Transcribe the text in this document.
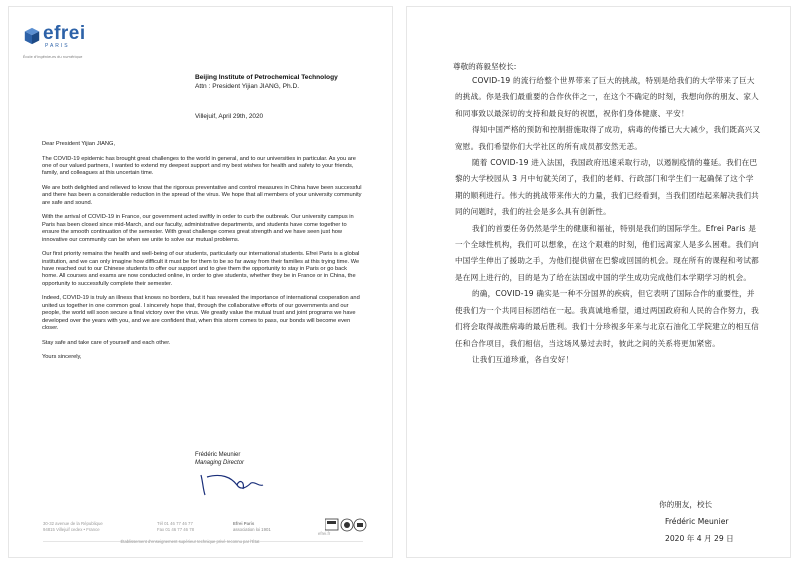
efrei
PARIS
École d'ingénieurs du numérique
Beijing Institute of Petrochemical Technology
Attn : President Yijian JIANG, Ph.D.
Villejuif, April 29th, 2020

Dear President Yijian JIANG,

The COVID-19 epidemic has brought great challenges to the world in general, and to our universities in particular. As you are one of our valued partners, I wanted to extend my deepest support and my best wishes for health and safety to your friends, family, and colleagues at this uncertain time.

We are both delighted and relieved to know that the rigorous preventative and control measures in China have been successful and there has been a considerable reduction in the spread of the virus. We hope that all members of your university community are safe and sound.

With the arrival of COVID-19 in France, our government acted swiftly in order to curb the outbreak. Our university campus in Paris has been closed since mid-March, and our faculty, administrative departments, and students have come together to ensure the smooth continuation of the semester. With great challenge comes great strength and we have seen just how innovative our community can be when we unite to solve our mutual problems.

Our first priority remains the health and well-being of our students, particularly our international students. Efrei Paris is a global institution, and we can only imagine how difficult it must be for them to be so far away from their families at this trying time. We have reached out to our Chinese students to offer our support and to give them the opportunity to stay in Paris or go back home. All courses and exams are now conducted online, in order to give students, whether they be in France or in China, the opportunity to successfully complete their semester.

Indeed, COVID-19 is truly an illness that knows no borders, but it has revealed the importance of international cooperation and united us together in one common goal. I sincerely hope that, through the collaborative efforts of our governments and our people, the world will soon secure a final victory over the virus. We greatly value the mutual trust and joint programs we have developed over the years with you, and we are confident that, when this storm comes to pass, our bonds will become even closer.

Stay safe and take care of yourself and each other.

Yours sincerely,

Frédéric Meunier
Managing Director
30-32 avenue de la République
94815 Villejuif cedex • France
Tél 01 46 77 46 77
Fax 01 46 77 46 78
Efrei Paris
association loi 1901
efrei.fr
Établissement d'enseignement supérieur technique privé reconnu par l'État
尊敬的蒋毅坚校长:

COVID-19 的流行给整个世界带来了巨大的挑战，特别是给我们的大学带来了巨大的挑战。你是我们最重要的合作伙伴之一，在这个不确定的时刻，我想向你的朋友、家人和同事致以最深切的支持和最良好的祝愿，祝你们身体健康、平安！

得知中国严格的预防和控制措施取得了成功，病毒的传播已大大减少，我们既高兴又宽慰。我们希望你们大学社区的所有成员都安然无恙。

随着 COVID-19 进入法国，我国政府迅速采取行动，以遏制疫情的蔓延。我们在巴黎的大学校园从 3 月中旬就关闭了，我们的老师、行政部门和学生们一起确保了这个学期的顺利进行。伟大的挑战带来伟大的力量，我们已经看到，当我们团结起来解决我们共同的问题时，我们的社会是多么具有创新性。

我们的首要任务仍然是学生的健康和福祉，特别是我们的国际学生。Efrei Paris 是一个全球性机构，我们可以想象，在这个艰难的时刻，他们远离家人是多么困难。我们向中国学生伸出了援助之手，为他们提供留在巴黎或回国的机会。现在所有的课程和考试都是在网上进行的，目的是为了给在法国或中国的学生成功完成他们本学期学习的机会。

的确，COVID-19 确实是一种不分国界的疾病，但它表明了国际合作的重要性，并使我们为一个共同目标团结在一起。我真诚地希望，通过两国政府和人民的合作努力，我们将会取得战胜病毒的最后胜利。我们十分珍视多年来与北京石油化工学院建立的相互信任和合作项目，我们相信，当这场风暴过去时，彼此之间的关系将更加紧密。

让我们互道珍重，各自安好！

你的朋友，校长
Frédéric Meunier
2020 年 4 月 29 日
